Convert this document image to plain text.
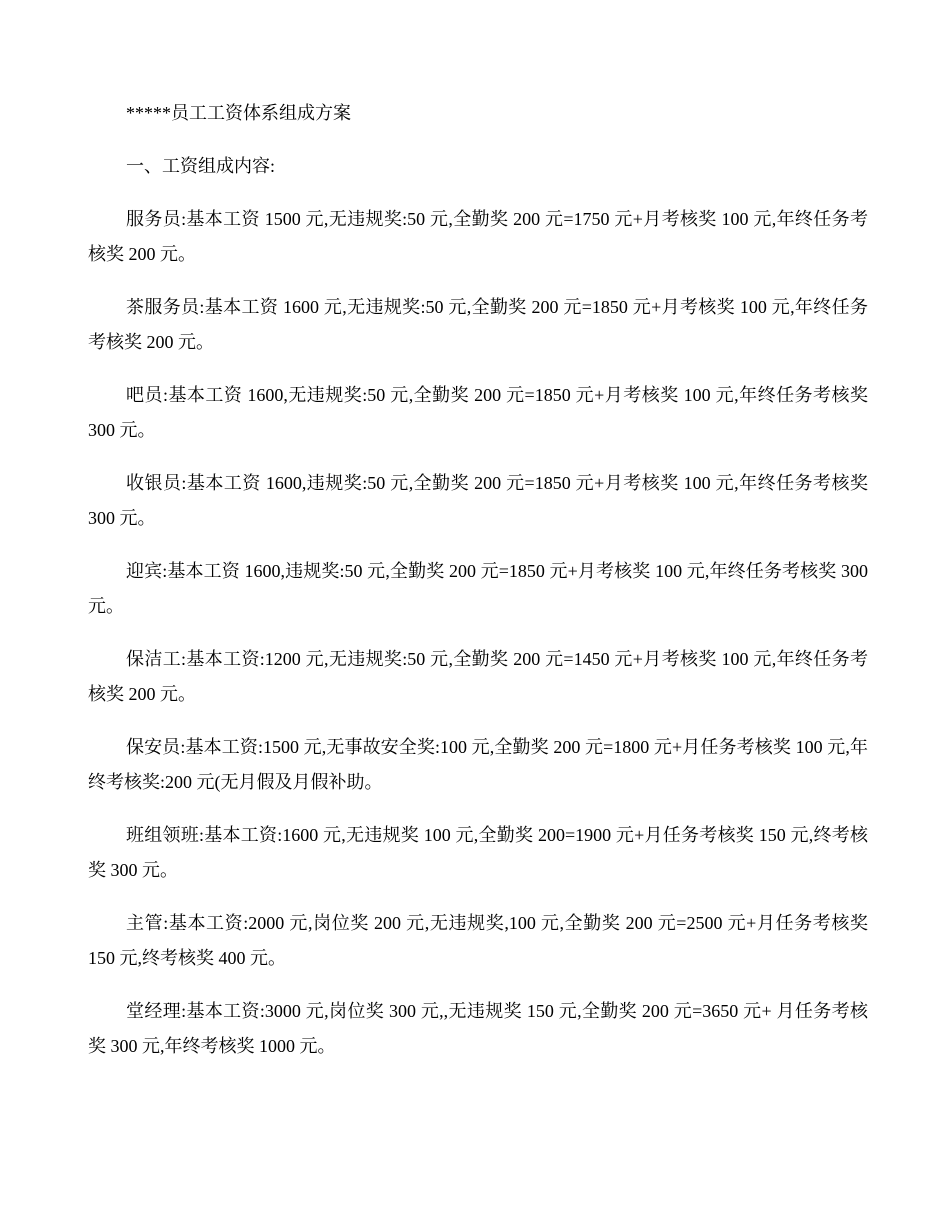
*****员工工资体系组成方案

一、工资组成内容:

服务员:基本工资 1500 元,无违规奖:50 元,全勤奖 200 元=1750 元+月考核奖 100 元,年终任务考核奖 200 元。

茶服务员:基本工资 1600 元,无违规奖:50 元,全勤奖 200 元=1850 元+月考核奖 100 元,年终任务考核奖 200 元。

吧员:基本工资 1600,无违规奖:50 元,全勤奖 200 元=1850 元+月考核奖 100 元,年终任务考核奖 300 元。

收银员:基本工资 1600,违规奖:50 元,全勤奖 200 元=1850 元+月考核奖 100 元,年终任务考核奖 300 元。

迎宾:基本工资 1600,违规奖:50 元,全勤奖 200 元=1850 元+月考核奖 100 元,年终任务考核奖 300 元。

保洁工:基本工资:1200 元,无违规奖:50 元,全勤奖 200 元=1450 元+月考核奖 100 元,年终任务考核奖 200 元。

保安员:基本工资:1500 元,无事故安全奖:100 元,全勤奖 200 元=1800 元+月任务考核奖 100 元,年终考核奖:200 元(无月假及月假补助。

班组领班:基本工资:1600 元,无违规奖 100 元,全勤奖 200=1900 元+月任务考核奖 150 元,终考核奖 300 元。

主管:基本工资:2000 元,岗位奖 200 元,无违规奖,100 元,全勤奖 200 元=2500 元+月任务考核奖 150 元,终考核奖 400 元。

堂经理:基本工资:3000 元,岗位奖 300 元,,无违规奖 150 元,全勤奖 200 元=3650 元+ 月任务考核奖 300 元,年终考核奖 1000 元。
